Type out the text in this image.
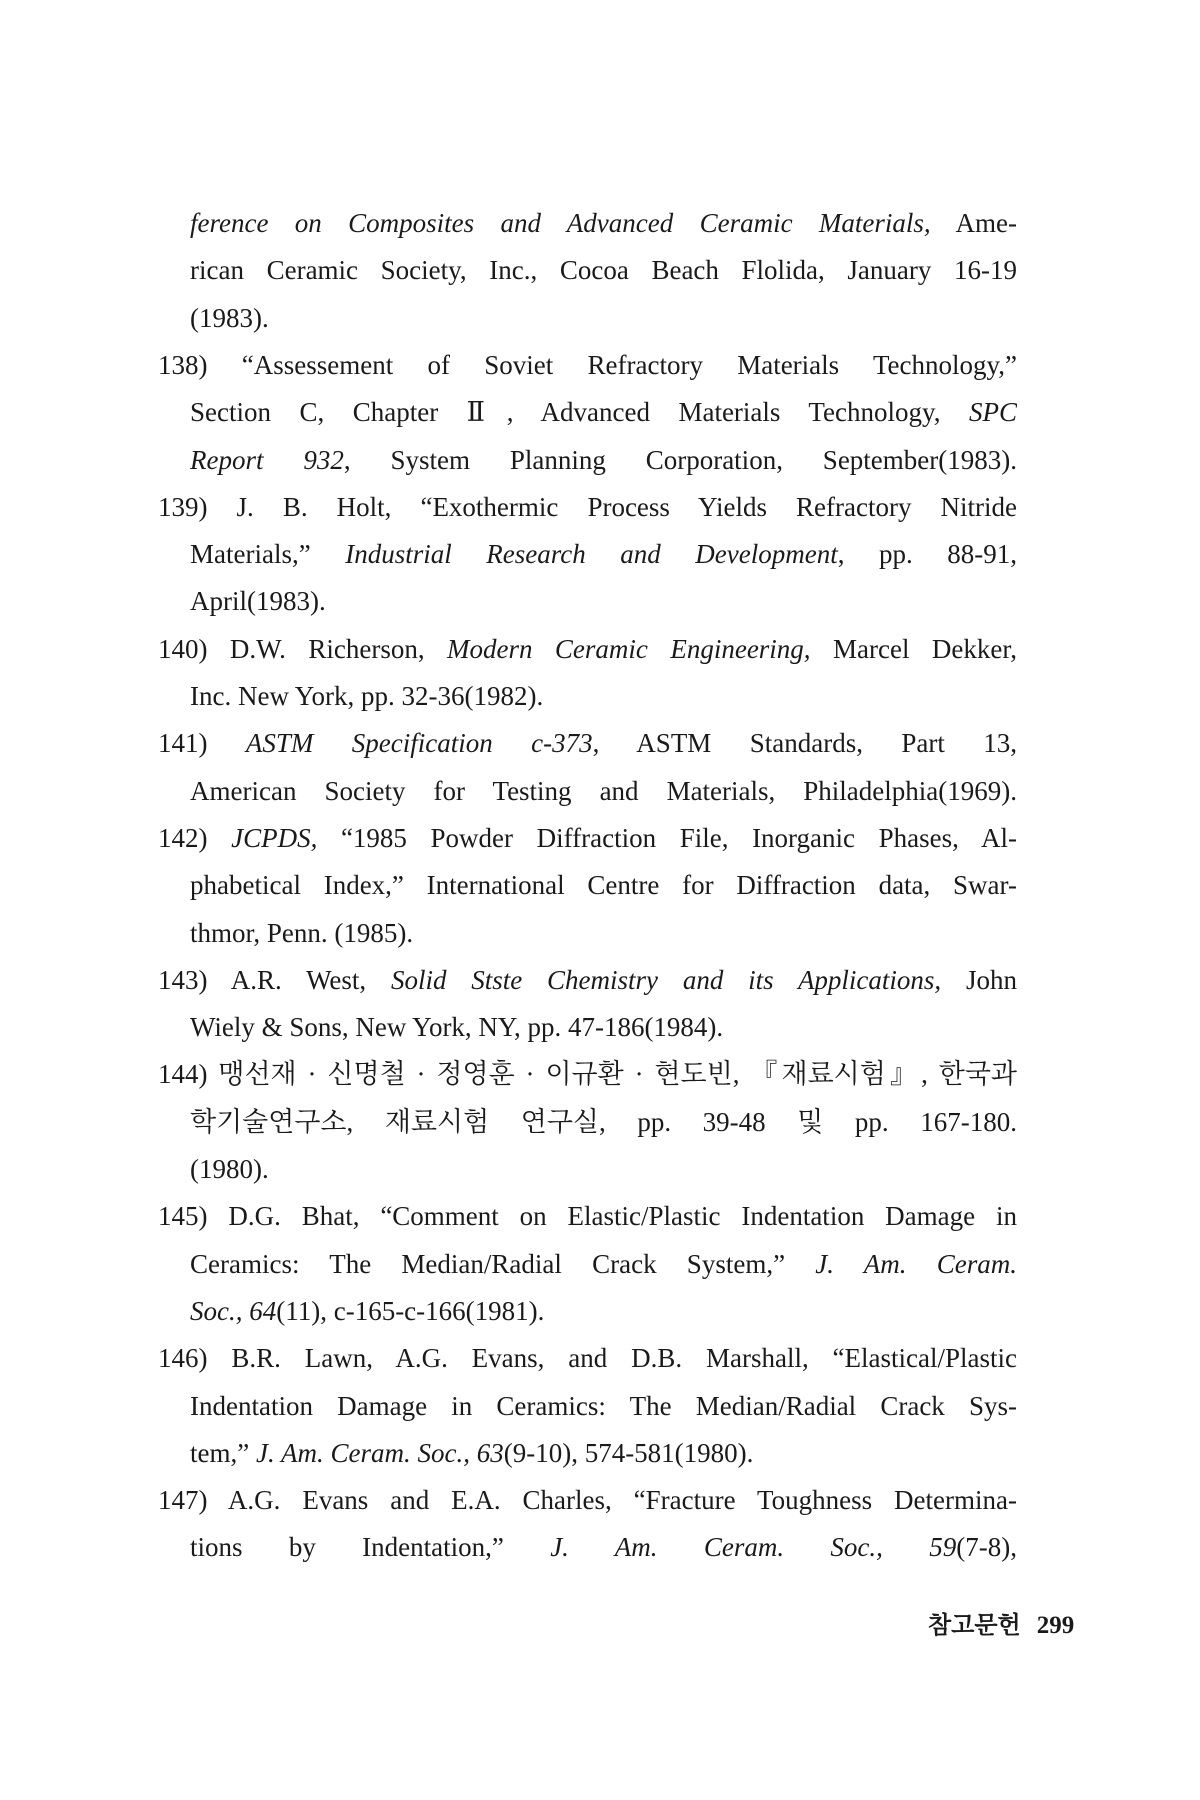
ference on Composites and Advanced Ceramic Materials, Ame-
rican Ceramic Society, Inc., Cocoa Beach Flolida, January 16-19
(1983).
138) “Assessement of Soviet Refractory Materials Technology,”
Section C, Chapter Ⅱ, Advanced Materials Technology, SPC
Report 932, System Planning Corporation, September(1983).
139) J. B. Holt, “Exothermic Process Yields Refractory Nitride
Materials,” Industrial Research and Development, pp. 88-91,
April(1983).
140) D.W. Richerson, Modern Ceramic Engineering, Marcel Dekker,
Inc. New York, pp. 32-36(1982).
141) ASTM Specification c-373, ASTM Standards, Part 13,
American Society for Testing and Materials, Philadelphia(1969).
142) JCPDS, “1985 Powder Diffraction File, Inorganic Phases, Al-
phabetical Index,” International Centre for Diffraction data, Swar-
thmor, Penn. (1985).
143) A.R. West, Solid Stste Chemistry and its Applications, John
Wiely & Sons, New York, NY, pp. 47-186(1984).
144) 맹선재 · 신명철 · 정영훈 · 이규환 · 현도빈, 『재료시험』, 한국과
학기술연구소, 재료시험 연구실, pp. 39-48 및 pp. 167-180.
(1980).
145) D.G. Bhat, “Comment on Elastic/Plastic Indentation Damage in
Ceramics: The Median/Radial Crack System,” J. Am. Ceram.
Soc., 64(11), c-165-c-166(1981).
146) B.R. Lawn, A.G. Evans, and D.B. Marshall, “Elastical/Plastic
Indentation Damage in Ceramics: The Median/Radial Crack Sys-
tem,” J. Am. Ceram. Soc., 63(9-10), 574-581(1980).
147) A.G. Evans and E.A. Charles, “Fracture Toughness Determina-
tions by Indentation,” J. Am. Ceram. Soc., 59(7-8),
참고문헌 299
